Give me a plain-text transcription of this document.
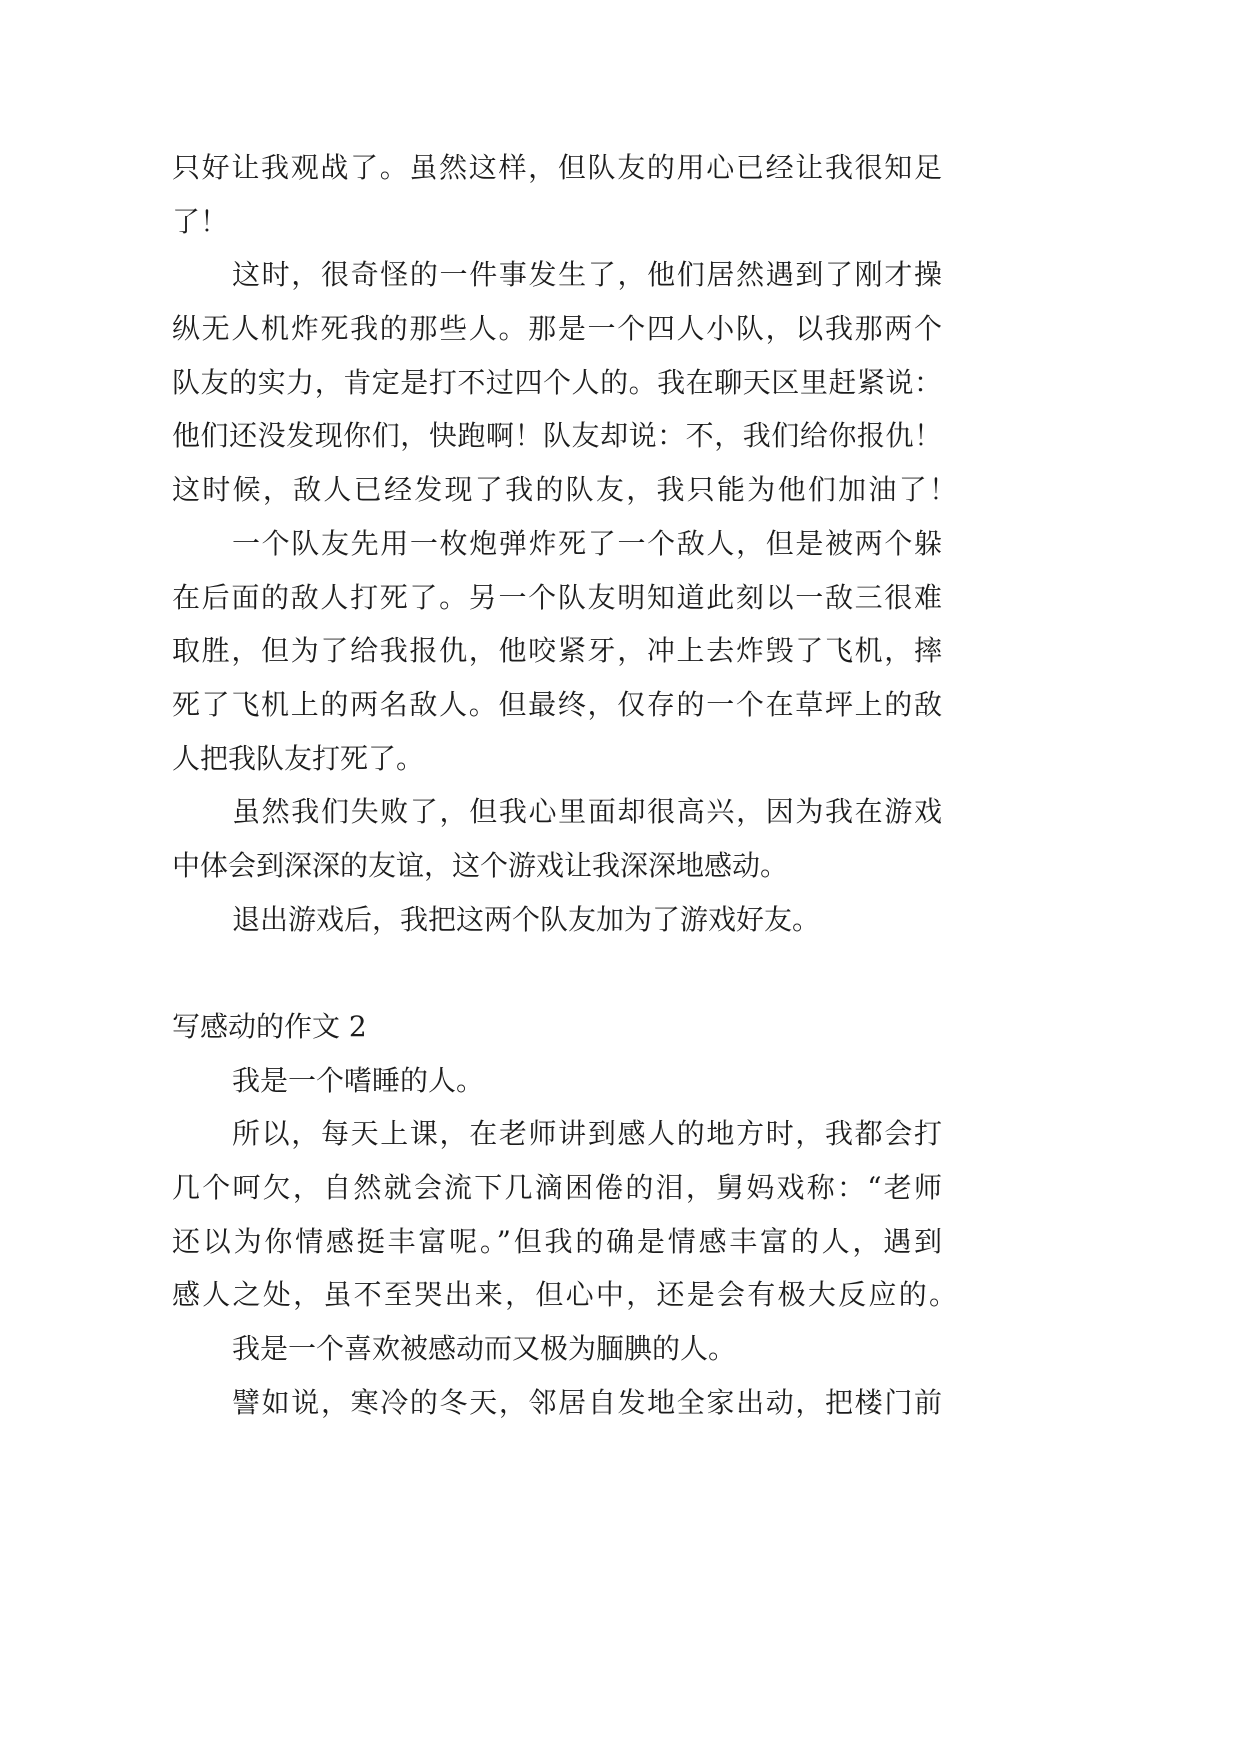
只好让我观战了。虽然这样，但队友的用心已经让我很知足
了！
这时，很奇怪的一件事发生了，他们居然遇到了刚才操
纵无人机炸死我的那些人。那是一个四人小队，以我那两个
队友的实力，肯定是打不过四个人的。我在聊天区里赶紧说：
他们还没发现你们，快跑啊！队友却说：不，我们给你报仇！
这时候，敌人已经发现了我的队友，我只能为他们加油了！
一个队友先用一枚炮弹炸死了一个敌人，但是被两个躲
在后面的敌人打死了。另一个队友明知道此刻以一敌三很难
取胜，但为了给我报仇，他咬紧牙，冲上去炸毁了飞机，摔
死了飞机上的两名敌人。但最终，仅存的一个在草坪上的敌
人把我队友打死了。
虽然我们失败了，但我心里面却很高兴，因为我在游戏
中体会到深深的友谊，这个游戏让我深深地感动。
退出游戏后，我把这两个队友加为了游戏好友。
写感动的作文 2
我是一个嗜睡的人。
所以，每天上课，在老师讲到感人的地方时，我都会打
几个呵欠，自然就会流下几滴困倦的泪，舅妈戏称：“老师
还以为你情感挺丰富呢。”但我的确是情感丰富的人，遇到
感人之处，虽不至哭出来，但心中，还是会有极大反应的。
我是一个喜欢被感动而又极为腼腆的人。
譬如说，寒冷的冬天，邻居自发地全家出动，把楼门前
